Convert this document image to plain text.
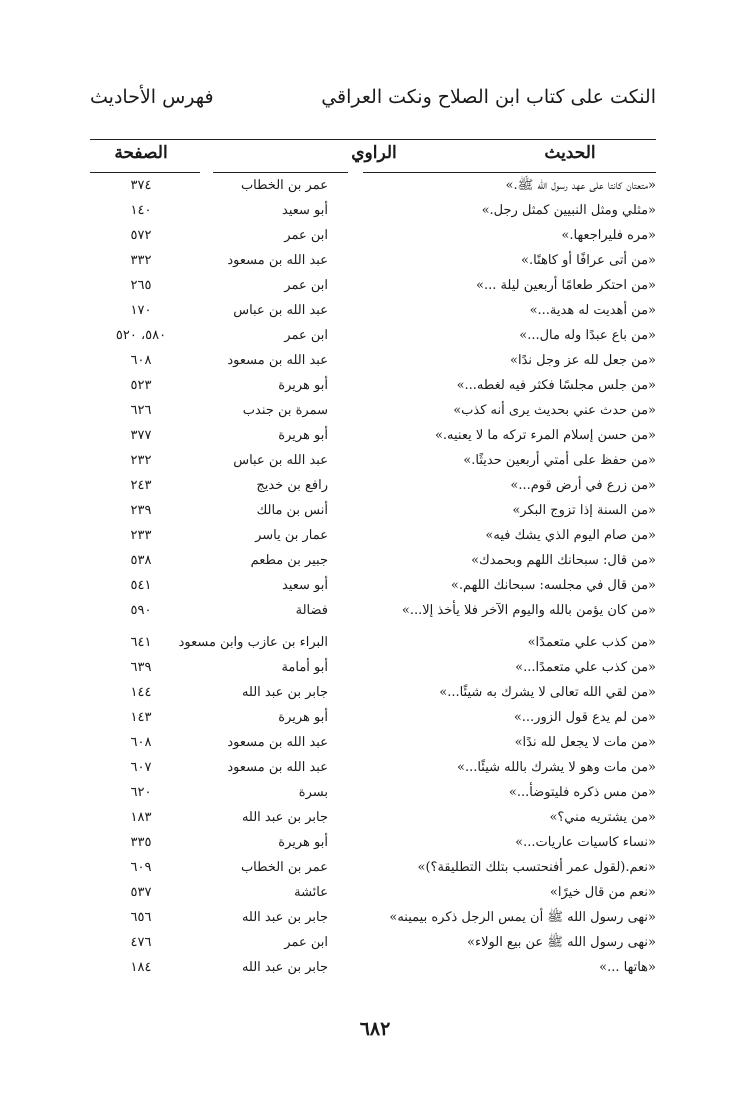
النكت على كتاب ابن الصلاح ونكت العراقي
فهرس الأحاديث
الحديث
الراوي
الصفحة
«متعتان كانتا على عهد رسول الله ﷺ.»
عمر بن الخطاب
٣٧٤
«مثلي ومثل النبيين كمثل رجل.»
أبو سعيد
١٤٠
«مره فليراجعها.»
ابن عمر
٥٧٢
«من أتى عرافًا أو كاهنًا.»
عبد الله بن مسعود
٣٣٢
«من احتكر طعامًا أربعين ليلة ...»
ابن عمر
٢٦٥
«من أهديت له هدية...»
عبد الله بن عباس
١٧٠
«من باع عبدًا وله مال...»
ابن عمر
٥٨٠، ٥٢٠
«من جعل لله عز وجل ندًا»
عبد الله بن مسعود
٦٠٨
«من جلس مجلسًا فكثر فيه لغطه...»
أبو هريرة
٥٢٣
«من حدث عني بحديث يرى أنه كذب»
سمرة بن جندب
٦٢٦
«من حسن إسلام المرء تركه ما لا يعنيه.»
أبو هريرة
٣٧٧
«من حفظ على أمتي أربعين حديثًا.»
عبد الله بن عباس
٢٣٢
«من زرع في أرض قوم...»
رافع بن خديج
٢٤٣
«من السنة إذا تزوج البكر»
أنس بن مالك
٢٣٩
«من صام اليوم الذي يشك فيه»
عمار بن ياسر
٢٣٣
«من قال: سبحانك اللهم وبحمدك»
جبير بن مطعم
٥٣٨
«من قال في مجلسه: سبحانك اللهم.»
أبو سعيد
٥٤١
«من كان يؤمن بالله واليوم الآخر فلا يأخذ إلا...»
فضالة
٥٩٠
«من كذب علي متعمدًا»
البراء بن عازب وابن مسعود
٦٤١
«من كذب علي متعمدًا...»
أبو أمامة
٦٣٩
«من لقي الله تعالى لا يشرك به شيئًا...»
جابر بن عبد الله
١٤٤
«من لم يدع قول الزور...»
أبو هريرة
١٤٣
«من مات لا يجعل لله ندًا»
عبد الله بن مسعود
٦٠٨
«من مات وهو لا يشرك بالله شيئًا...»
عبد الله بن مسعود
٦٠٧
«من مس ذكره فليتوضأ...»
بسرة
٦٢٠
«من يشتريه مني؟»
جابر بن عبد الله
١٨٣
«نساء كاسيات عاريات...»
أبو هريرة
٣٣٥
«نعم.(لقول عمر أفنحتسب بتلك التطليقة؟)»
عمر بن الخطاب
٦٠٩
«نعم من قال خيرًا»
عائشة
٥٣٧
«نهى رسول الله ﷺ أن يمس الرجل ذكره بيمينه»
جابر بن عبد الله
٦٥٦
«نهى رسول الله ﷺ عن بيع الولاء»
ابن عمر
٤٧٦
«هاتها ...»
جابر بن عبد الله
١٨٤
٦٨٢
